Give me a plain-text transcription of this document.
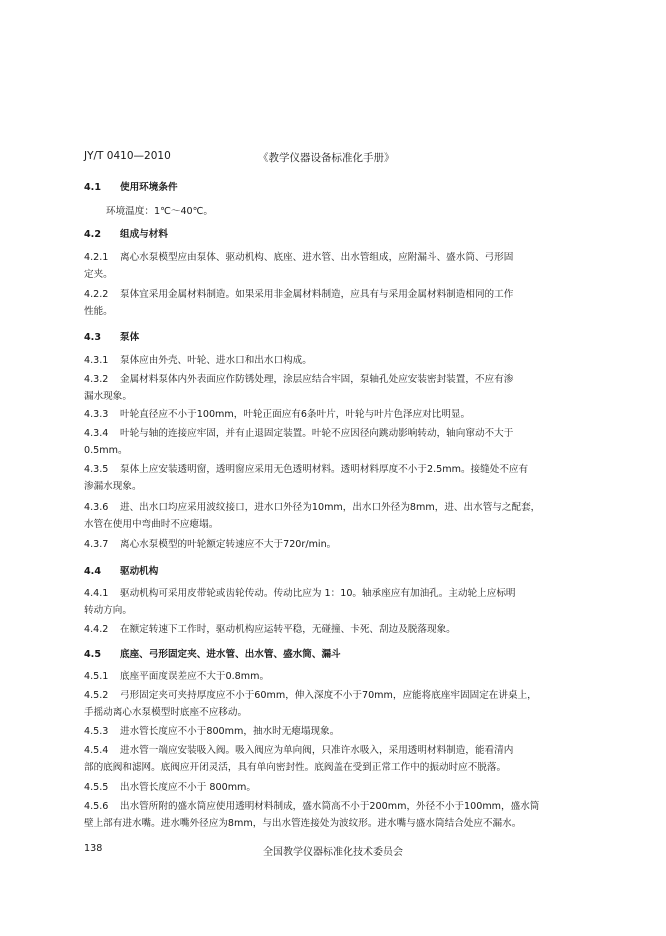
JY/T 0410—2010	《教学仪器设备标准化手册》
4.1 使用环境条件
环境温度：1℃～40℃。
4.2 组成与材料
4.2.1 离心水泵模型应由泵体、驱动机构、底座、进水管、出水管组成，应附漏斗、盛水筒、弓形固
定夹。
4.2.2 泵体宜采用金属材料制造。如果采用非金属材料制造，应具有与采用金属材料制造相同的工作
性能。
4.3 泵体
4.3.1 泵体应由外壳、叶轮、进水口和出水口构成。
4.3.2 金属材料泵体内外表面应作防锈处理，涂层应结合牢固，泵轴孔处应安装密封装置，不应有渗
漏水现象。
4.3.3 叶轮直径应不小于100mm，叶轮正面应有6条叶片，叶轮与叶片色泽应对比明显。
4.3.4 叶轮与轴的连接应牢固，并有止退固定装置。叶轮不应因径向跳动影响转动，轴向窜动不大于
0.5mm。
4.3.5 泵体上应安装透明窗，透明窗应采用无色透明材料。透明材料厚度不小于2.5mm。接缝处不应有
渗漏水现象。
4.3.6 进、出水口均应采用波纹接口，进水口外径为10mm，出水口外径为8mm，进、出水管与之配套，
水管在使用中弯曲时不应瘪塌。
4.3.7 离心水泵模型的叶轮额定转速应不大于720r/min。
4.4 驱动机构
4.4.1 驱动机构可采用皮带轮或齿轮传动。传动比应为 1：10。轴承座应有加油孔。主动轮上应标明
转动方向。
4.4.2 在额定转速下工作时，驱动机构应运转平稳，无碰撞、卡死、刮边及脱落现象。
4.5 底座、弓形固定夹、进水管、出水管、盛水筒、漏斗
4.5.1 底座平面度误差应不大于0.8mm。
4.5.2 弓形固定夹可夹持厚度应不小于60mm，伸入深度不小于70mm，应能将底座牢固固定在讲桌上，
手摇动离心水泵模型时底座不应移动。
4.5.3 进水管长度应不小于800mm，抽水时无瘪塌现象。
4.5.4 进水管一端应安装吸入阀。吸入阀应为单向阀，只准许水吸入，采用透明材料制造，能看清内
部的底阀和滤网。底阀应开闭灵活，具有单向密封性。底阀盖在受到正常工作中的振动时应不脱落。
4.5.5 出水管长度应不小于 800mm。
4.5.6 出水管所附的盛水筒应使用透明材料制成，盛水筒高不小于200mm，外径不小于100mm，盛水筒
壁上部有进水嘴。进水嘴外径应为8mm，与出水管连接处为波纹形。进水嘴与盛水筒结合处应不漏水。
138	全国教学仪器标准化技术委员会
